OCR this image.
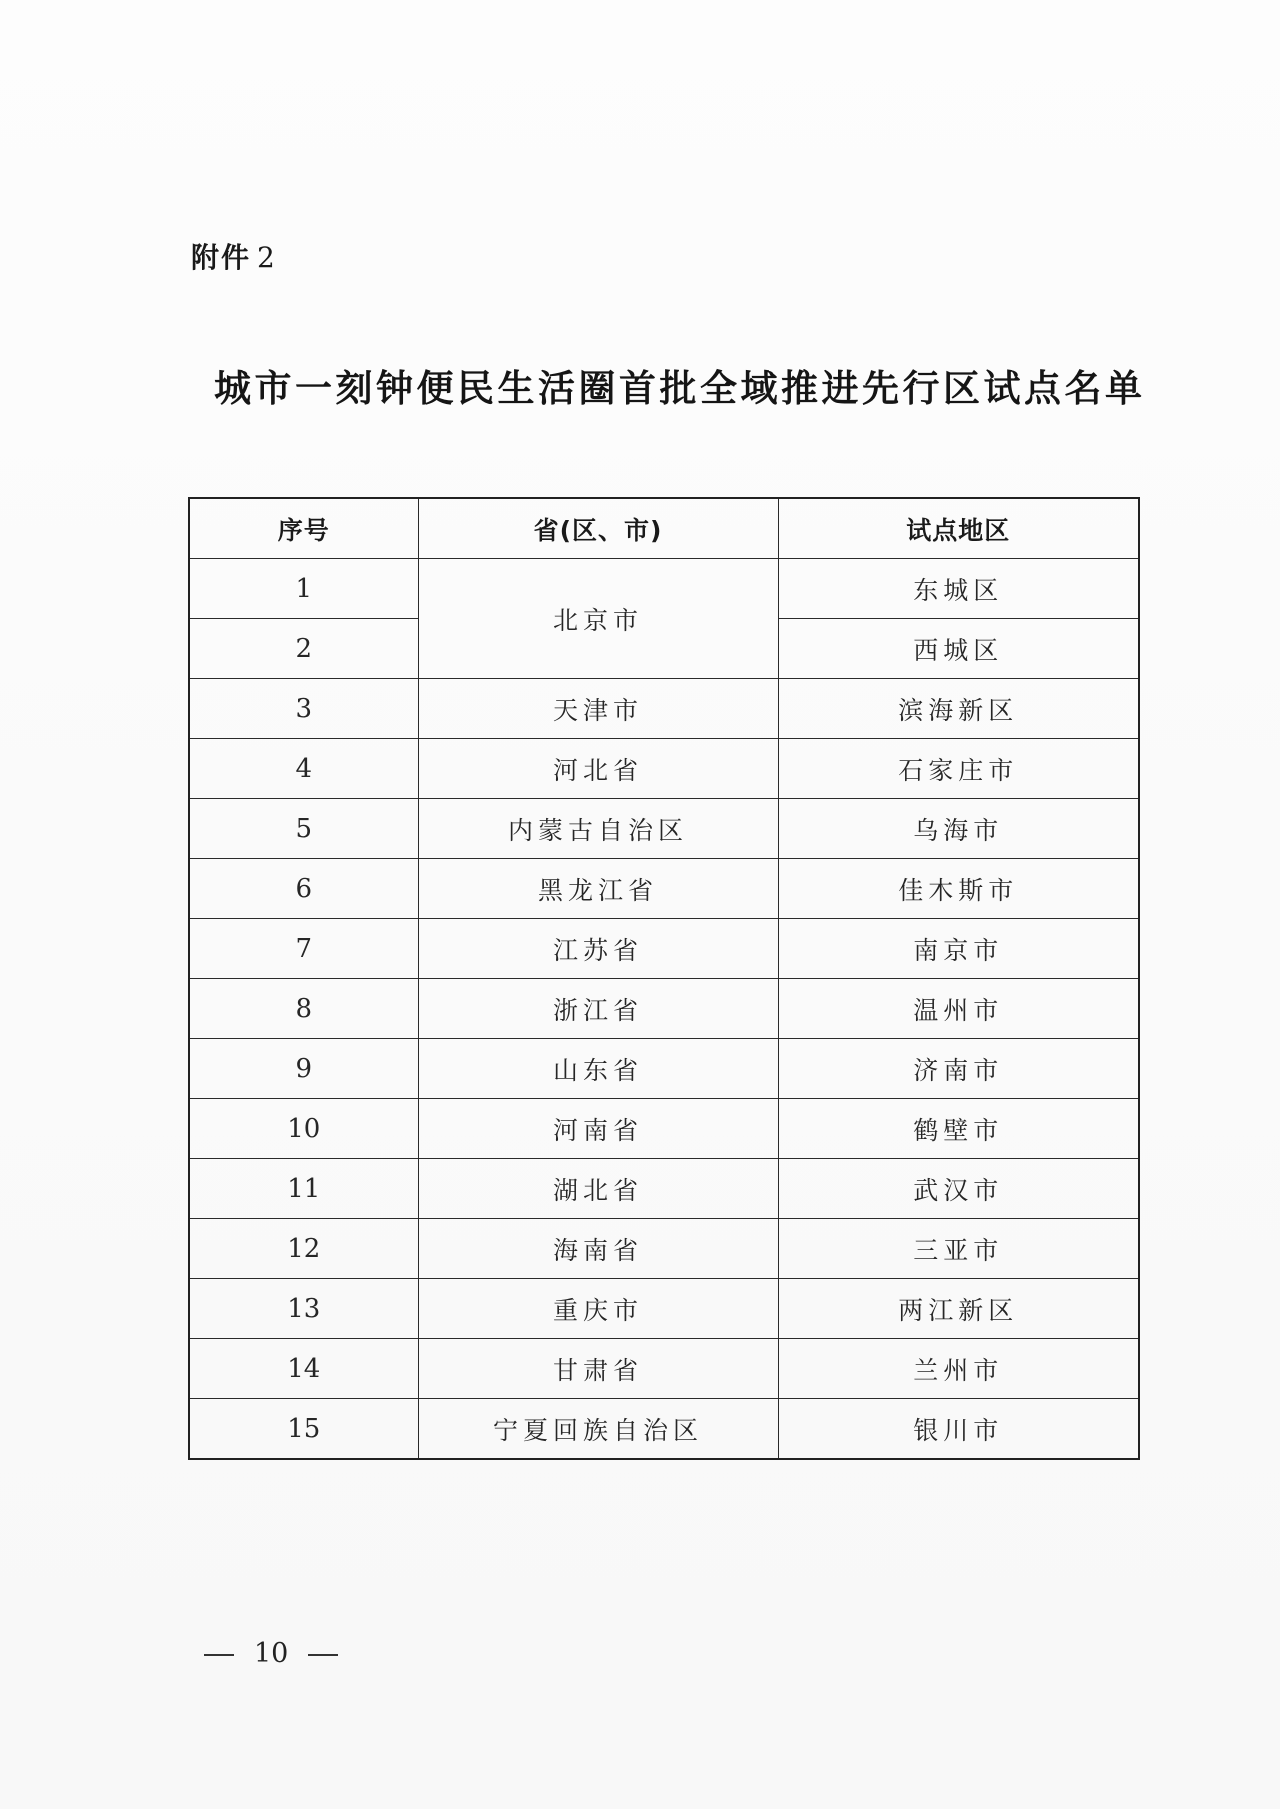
附件 2
城市一刻钟便民生活圈首批全域推进先行区试点名单
序号	省(区、市)	试点地区
1	北京市	东城区
2		西城区
3	天津市	滨海新区
4	河北省	石家庄市
5	内蒙古自治区	乌海市
6	黑龙江省	佳木斯市
7	江苏省	南京市
8	浙江省	温州市
9	山东省	济南市
10	河南省	鹤壁市
11	湖北省	武汉市
12	海南省	三亚市
13	重庆市	两江新区
14	甘肃省	兰州市
15	宁夏回族自治区	银川市
10
